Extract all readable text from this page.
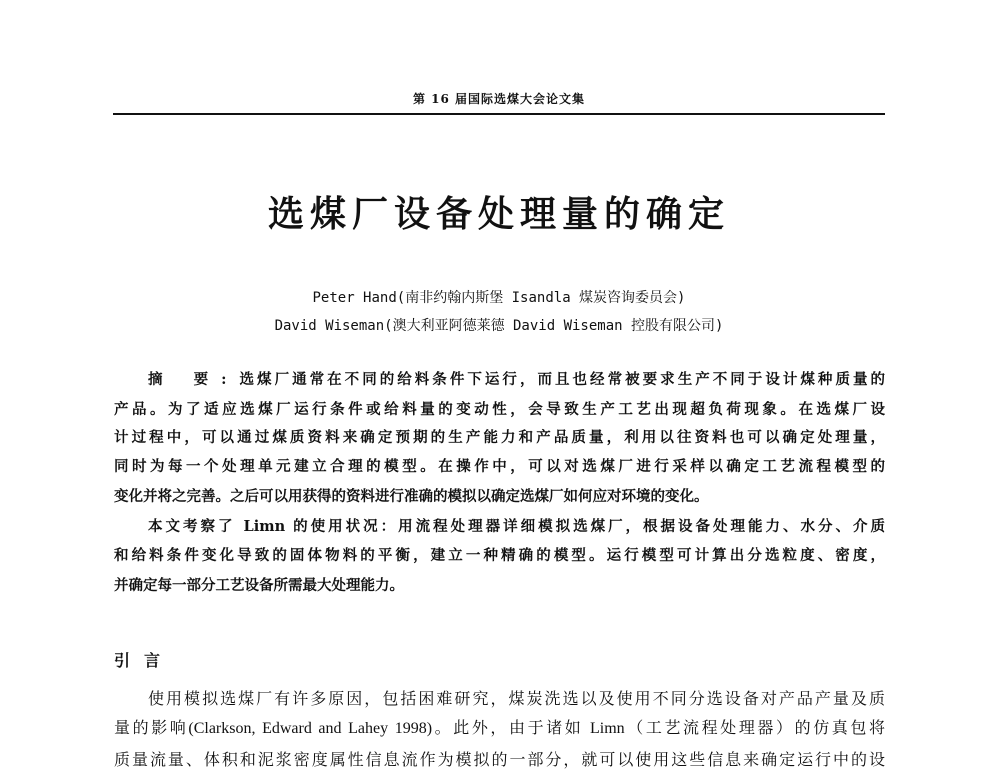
第 16 届国际选煤大会论文集
选煤厂设备处理量的确定
Peter Hand(南非约翰内斯堡 Isandla 煤炭咨询委员会)
David Wiseman(澳大利亚阿德莱德 David Wiseman 控股有限公司)
摘 要:选煤厂通常在不同的给料条件下运行，而且也经常被要求生产不同于设计煤种质量的
产品。为了适应选煤厂运行条件或给料量的变动性，会导致生产工艺出现超负荷现象。在选煤厂设
计过程中，可以通过煤质资料来确定预期的生产能力和产品质量，利用以往资料也可以确定处理量，
同时为每一个处理单元建立合理的模型。在操作中，可以对选煤厂进行采样以确定工艺流程模型的
变化并将之完善。之后可以用获得的资料进行准确的模拟以确定选煤厂如何应对环境的变化。
本文考察了 Limn 的使用状况：用流程处理器详细模拟选煤厂，根据设备处理能力、水分、介质
和给料条件变化导致的固体物料的平衡，建立一种精确的模型。运行模型可计算出分选粒度、密度，
并确定每一部分工艺设备所需最大处理能力。
引言
使用模拟选煤厂有许多原因，包括困难研究，煤炭洗选以及使用不同分选设备对产品产量及质
量的影响(Clarkson, Edward and Lahey 1998)。此外，由于诸如 Limn（工艺流程处理器）的仿真包将
质量流量、体积和泥浆密度属性信息流作为模拟的一部分，就可以使用这些信息来确定运行中的设
